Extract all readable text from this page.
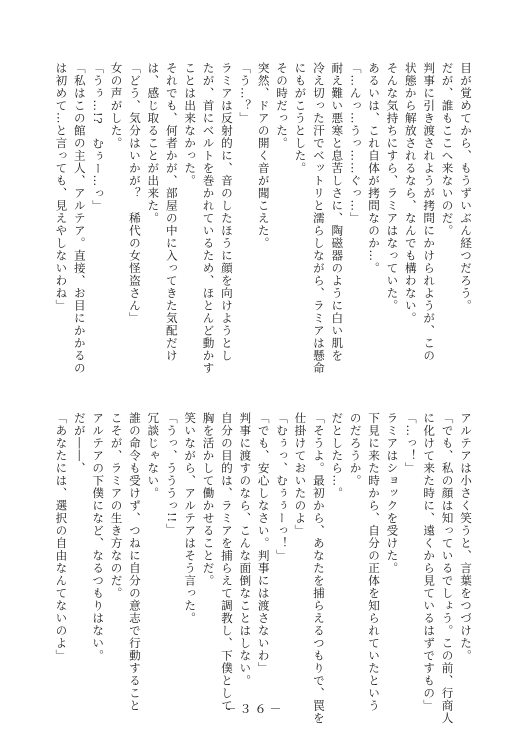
目が覚めてから、もうずいぶん経つだろう。
だが、誰もここへ来ないのだ。
判事に引き渡されようが拷問にかけられようが、この
状態から解放されるなら、なんでも構わない。
そんな気持ちにすら、ラミアはなっていた。
あるいは、これ自体が拷問なのか…。
「…んっ…うっ……ぐっ…」
耐え難い悪寒と息苦しさに、陶磁器のように白い肌を
冷え切った汗でベットリと濡らしながら、ラミアは懸命
にもがこうとした。
その時だった。
突然、ドアの開く音が聞こえた。
「う…？」
ラミアは反射的に、音のしたほうに顔を向けようとし
たが、首にベルトを巻かれているため、ほとんど動かす
ことは出来なかった。
それでも、何者かが、部屋の中に入ってきた気配だけ
は、感じ取ることが出来た。
「どう、気分はいかが？　稀代の女怪盗さん」
女の声がした。
「うぅ…!?　むぅー…っ」
「私はこの館の主人、アルテア。直接、お目にかかるの
は初めて…と言っても、見えやしないわね」
アルテアは小さく笑うと、言葉をつづけた。
「でも、私の顔は知っているでしょう。この前、行商人
に化けて来た時に、遠くから見ているはずですもの」
「…っ！」
ラミアはショックを受けた。
下見に来た時から、自分の正体を知られていたという
のだろうか。
だとしたら…。
「そうよ。最初から、あなたを捕らえるつもりで、罠を
仕掛けておいたのよ」
「むぅっ、むぅぅーっ！」
「でも、安心しなさい。判事には渡さないわ」
判事に渡すのなら、こんな面倒なことはしない。
自分の目的は、ラミアを捕らえて調教し、下僕として
胸を活かして働かせることだ。
笑いながら、アルテアはそう言った。
「うっ、うううっ!!」
冗談じゃない。
誰の命令も受けず、つねに自分の意志で行動すること
こそが、ラミアの生き方なのだ。
アルテアの下僕になど、なるつもりはない。
だが――、
「あなたには、選択の自由なんてないのよ」
－３６－
